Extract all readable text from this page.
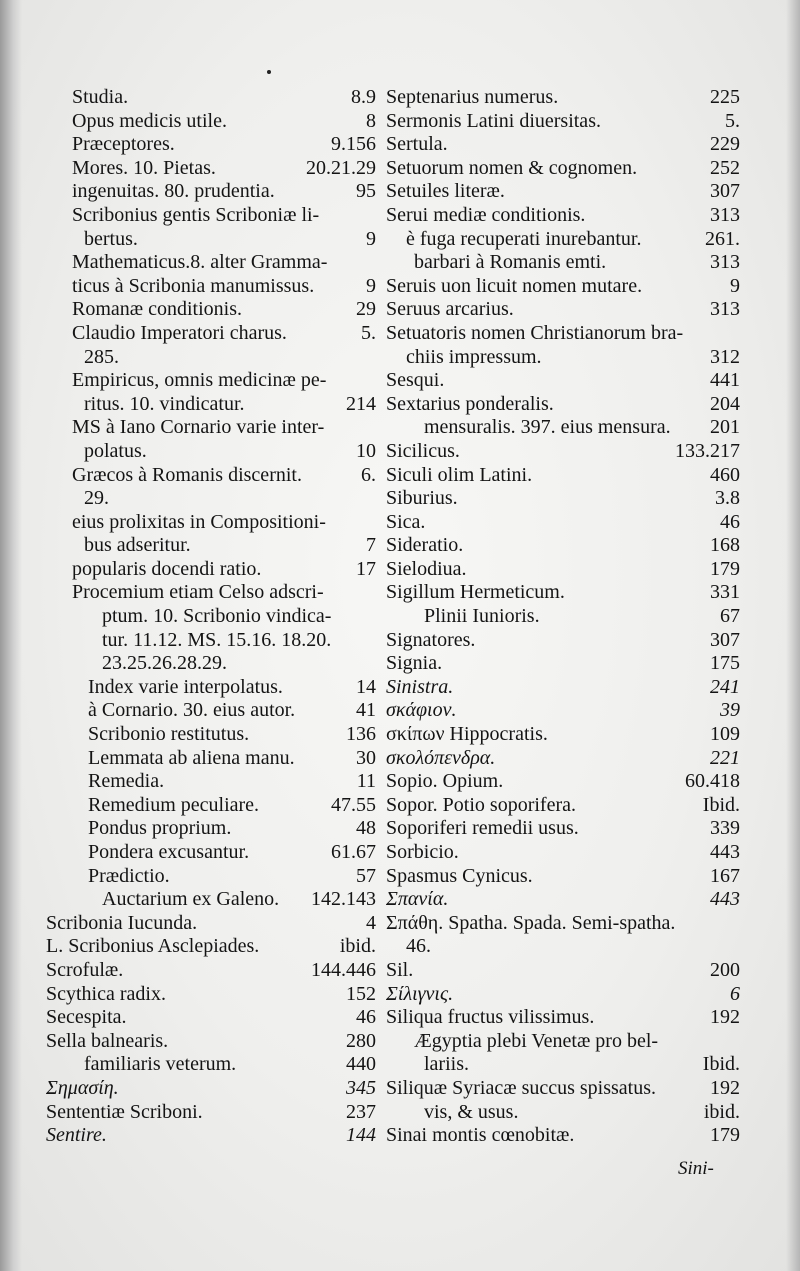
Studia.	8.9
Opus medicis utile.	8
Præceptores.	9.156
Mores. 10. Pietas.	20.21.29
ingenuitas. 80. prudentia.	95
Scribonius gentis Scriboniæ li-
bertus.	9
Mathematicus.8. alter Gramma-
ticus à Scribonia manumissus.	9
Romanæ conditionis.	29
Claudio Imperatori charus.	5.
285.
Empiricus, omnis medicinæ pe-
ritus. 10. vindicatur.	214
MS à Iano Cornario varie inter-
polatus.	10
Græcos à Romanis discernit.	6.
29.
eius prolixitas in Compositioni-
bus adseritur.	7
popularis docendi ratio.	17
Procemium etiam Celso adscri-
ptum. 10. Scribonio vindica-
tur. 11.12. MS. 15.16. 18.20.
23.25.26.28.29.
Index varie interpolatus.	14
à Cornario. 30. eius autor.	41
Scribonio restitutus.	136
Lemmata ab aliena manu.	30
Remedia.	11
Remedium peculiare.	47.55
Pondus proprium.	48
Pondera excusantur.	61.67
Prædictio.	57
Auctarium ex Galeno. 142.143
Scribonia Iucunda.	4
L. Scribonius Asclepiades.	ibid.
Scrofulæ.	144.446
Scythica radix.	152
Secespita.	46
Sella balnearis.	280
familiaris veterum.	440
Σημασίη.	345
Sententiæ Scriboni.	237
Sentire.	144
Septenarius numerus.	225
Sermonis Latini diuersitas.	5.
Sertula.	229
Setuorum nomen & cognomen.	252
Setuiles literæ.	307
Serui mediæ conditionis.	313
è fuga recuperati inurebantur.	261.
barbari à Romanis emti.	313
Seruis uon licuit nomen mutare.	9
Seruus arcarius.	313
Setuatoris nomen Christianorum bra-
chiis impressum.	312
Sesqui.	441
Sextarius ponderalis.	204
mensuralis. 397. eius mensura. 201
Sicilicus.	133.217
Siculi olim Latini.	460
Siburius.	3.8
Sica.	46
Sideratio.	168
Sielodiua.	179
Sigillum Hermeticum.	331
Plinii Iunioris.	67
Signatores.	307
Signia.	175
Sinistra.	241
σκάφιον.	39
σκίπων Hippocratis.	109
σκολόπενδρα.	221
Sopio. Opium.	60.418
Sopor. Potio soporifera.	Ibid.
Soporiferi remedii usus.	339
Sorbicio.	443
Spasmus Cynicus.	167
Σπανία.	443
Σπάθη. Spatha. Spada. Semi-spatha.
46.
Sil.	200
Σίλιγνις.	6
Siliqua fructus vilissimus.	192
Ægyptia plebi Venetæ pro bel-
lariis.	Ibid.
Siliquæ Syriacæ succus spissatus.	192
vis, & usus.	ibid.
Sinai montis cœnobitæ.	179
Sini-
